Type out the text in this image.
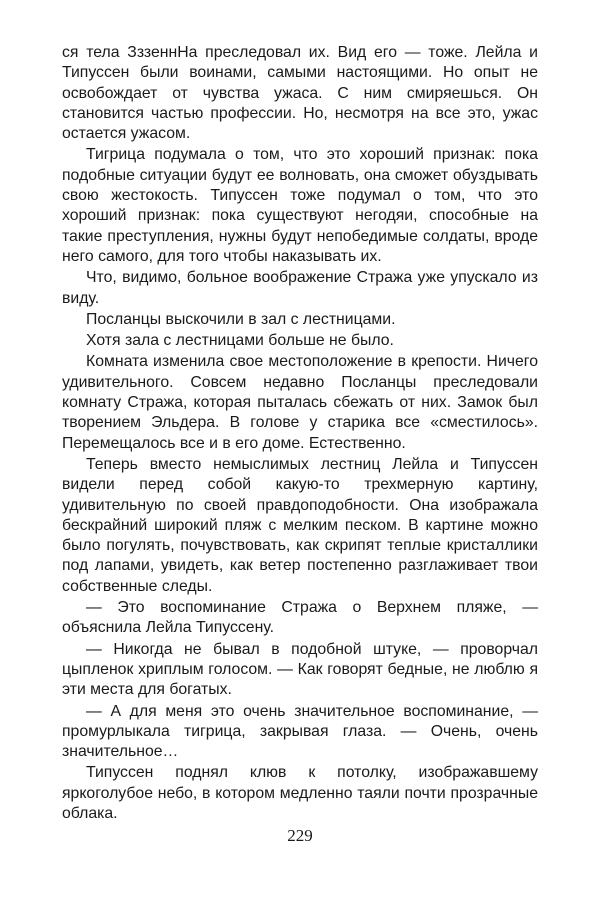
ся тела ЗззеннНа преследовал их. Вид его — тоже. Лейла и Типуссен были воинами, самыми настоящими. Но опыт не освобождает от чувства ужаса. С ним смиряешься. Он становится частью профессии. Но, несмотря на все это, ужас остается ужасом.

Тигрица подумала о том, что это хороший признак: пока подобные ситуации будут ее волновать, она сможет обуздывать свою жестокость. Типуссен тоже подумал о том, что это хороший признак: пока существуют негодяи, способные на такие преступления, нужны будут непобедимые солдаты, вроде него самого, для того чтобы наказывать их.

Что, видимо, больное воображение Стража уже упускало из виду.

Посланцы выскочили в зал с лестницами.

Хотя зала с лестницами больше не было.

Комната изменила свое местоположение в крепости. Ничего удивительного. Совсем недавно Посланцы преследовали комнату Стража, которая пыталась сбежать от них. Замок был творением Эльдера. В голове у старика все «сместилось». Перемещалось все и в его доме. Естественно.

Теперь вместо немыслимых лестниц Лейла и Типуссен видели перед собой какую-то трехмерную картину, удивительную по своей правдоподобности. Она изображала бескрайний широкий пляж с мелким песком. В картине можно было погулять, почувствовать, как скрипят теплые кристаллики под лапами, увидеть, как ветер постепенно разглаживает твои собственные следы.

— Это воспоминание Стража о Верхнем пляже, — объяснила Лейла Типуссену.

— Никогда не бывал в подобной штуке, — проворчал цыпленок хриплым голосом. — Как говорят бедные, не люблю я эти места для богатых.

— А для меня это очень значительное воспоминание, — промурлыкала тигрица, закрывая глаза. — Очень, очень значительное…

Типуссен поднял клюв к потолку, изображавшему яркоголубое небо, в котором медленно таяли почти прозрачные облака.

229
